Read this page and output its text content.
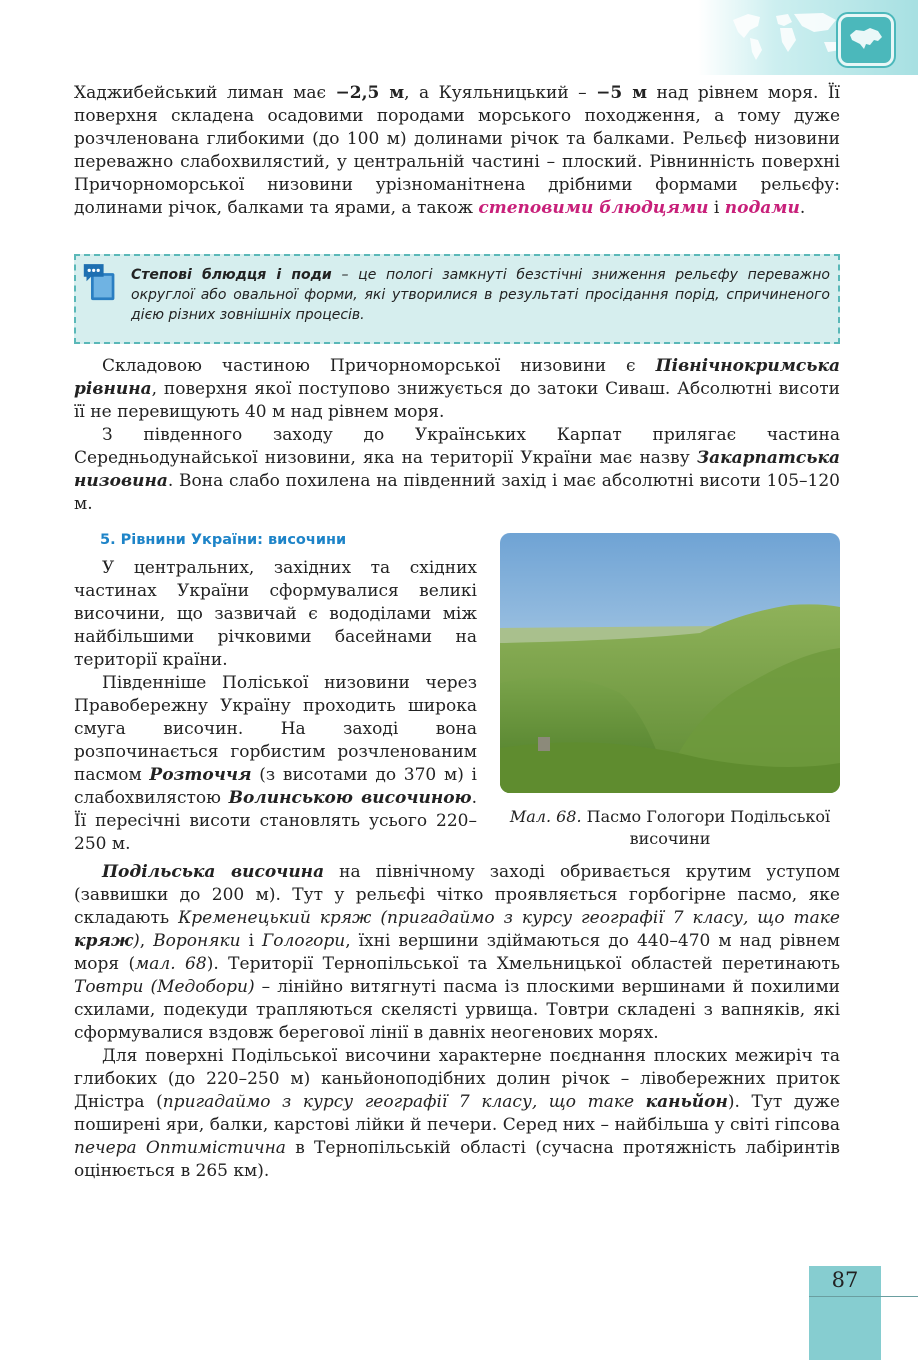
Хаджибейський лиман має −2,5 м, а Куяльницький – −5 м над рівнем моря. Її поверхня складена осадовими породами морського походження, а тому дуже розчленована глибокими (до 100 м) долинами річок та балками. Рельєф низовини переважно слабохвилястий, у центральній частині – плоский. Рівнинність поверхні Причорноморської низовини урізноманітнена дрібними формами рельєфу: долинами річок, балками та ярами, а також степовими блюдцями і подами.

Степові блюдця і поди – це пологі замкнуті безстічні зниження рельєфу переважно округлої або овальної форми, які утворилися в результаті просідання порід, спричиненого дією різних зовнішніх процесів.

Складовою частиною Причорноморської низовини є Північнокримська рівнина, поверхня якої поступово знижується до затоки Сиваш. Абсолютні висоти її не перевищують 40 м над рівнем моря.

З південного заходу до Українських Карпат прилягає частина Середньодунайської низовини, яка на території України має назву Закарпатська низовина. Вона слабо похилена на південний захід і має абсолютні висоти 105–120 м.

5. Рівнини України: височини

У центральних, західних та східних частинах України сформувалися великі височини, що зазвичай є вододілами між найбільшими річковими басейнами на території країни.

Південніше Поліської низовини через Правобережну Україну проходить широка смуга височин. На заході вона розпочинається горбистим розчленованим пасмом Розточчя (з висотами до 370 м) і слабохвилястою Волинською височиною. Її пересічні висоти становлять усього 220–250 м.

Мал. 68. Пасмо Гологори Подільської височини

Подільська височина на північному заході обривається крутим уступом (заввишки до 200 м). Тут у рельєфі чітко проявляється горбогірне пасмо, яке складають Кременецький кряж (пригадаймо з курсу географії 7 класу, що таке кряж), Вороняки і Гологори, їхні вершини здіймаються до 440–470 м над рівнем моря (мал. 68). Території Тернопільської та Хмельницької областей перетинають Товтри (Медобори) – лінійно витягнуті пасма із плоскими вершинами й похилими схилами, подекуди трапляються скелясті урвища. Товтри складені з вапняків, які сформувалися вздовж берегової лінії в давніх неогенових морях.

Для поверхні Подільської височини характерне поєднання плоских межиріч та глибоких (до 220–250 м) каньйоноподібних долин річок – лівобережних приток Дністра (пригадаймо з курсу географії 7 класу, що таке каньйон). Тут дуже поширені яри, балки, карстові лійки й печери. Серед них – найбільша у світі гіпсова печера Оптимістична в Тернопільській області (сучасна протяжність лабіринтів оцінюється в 265 км).

87
